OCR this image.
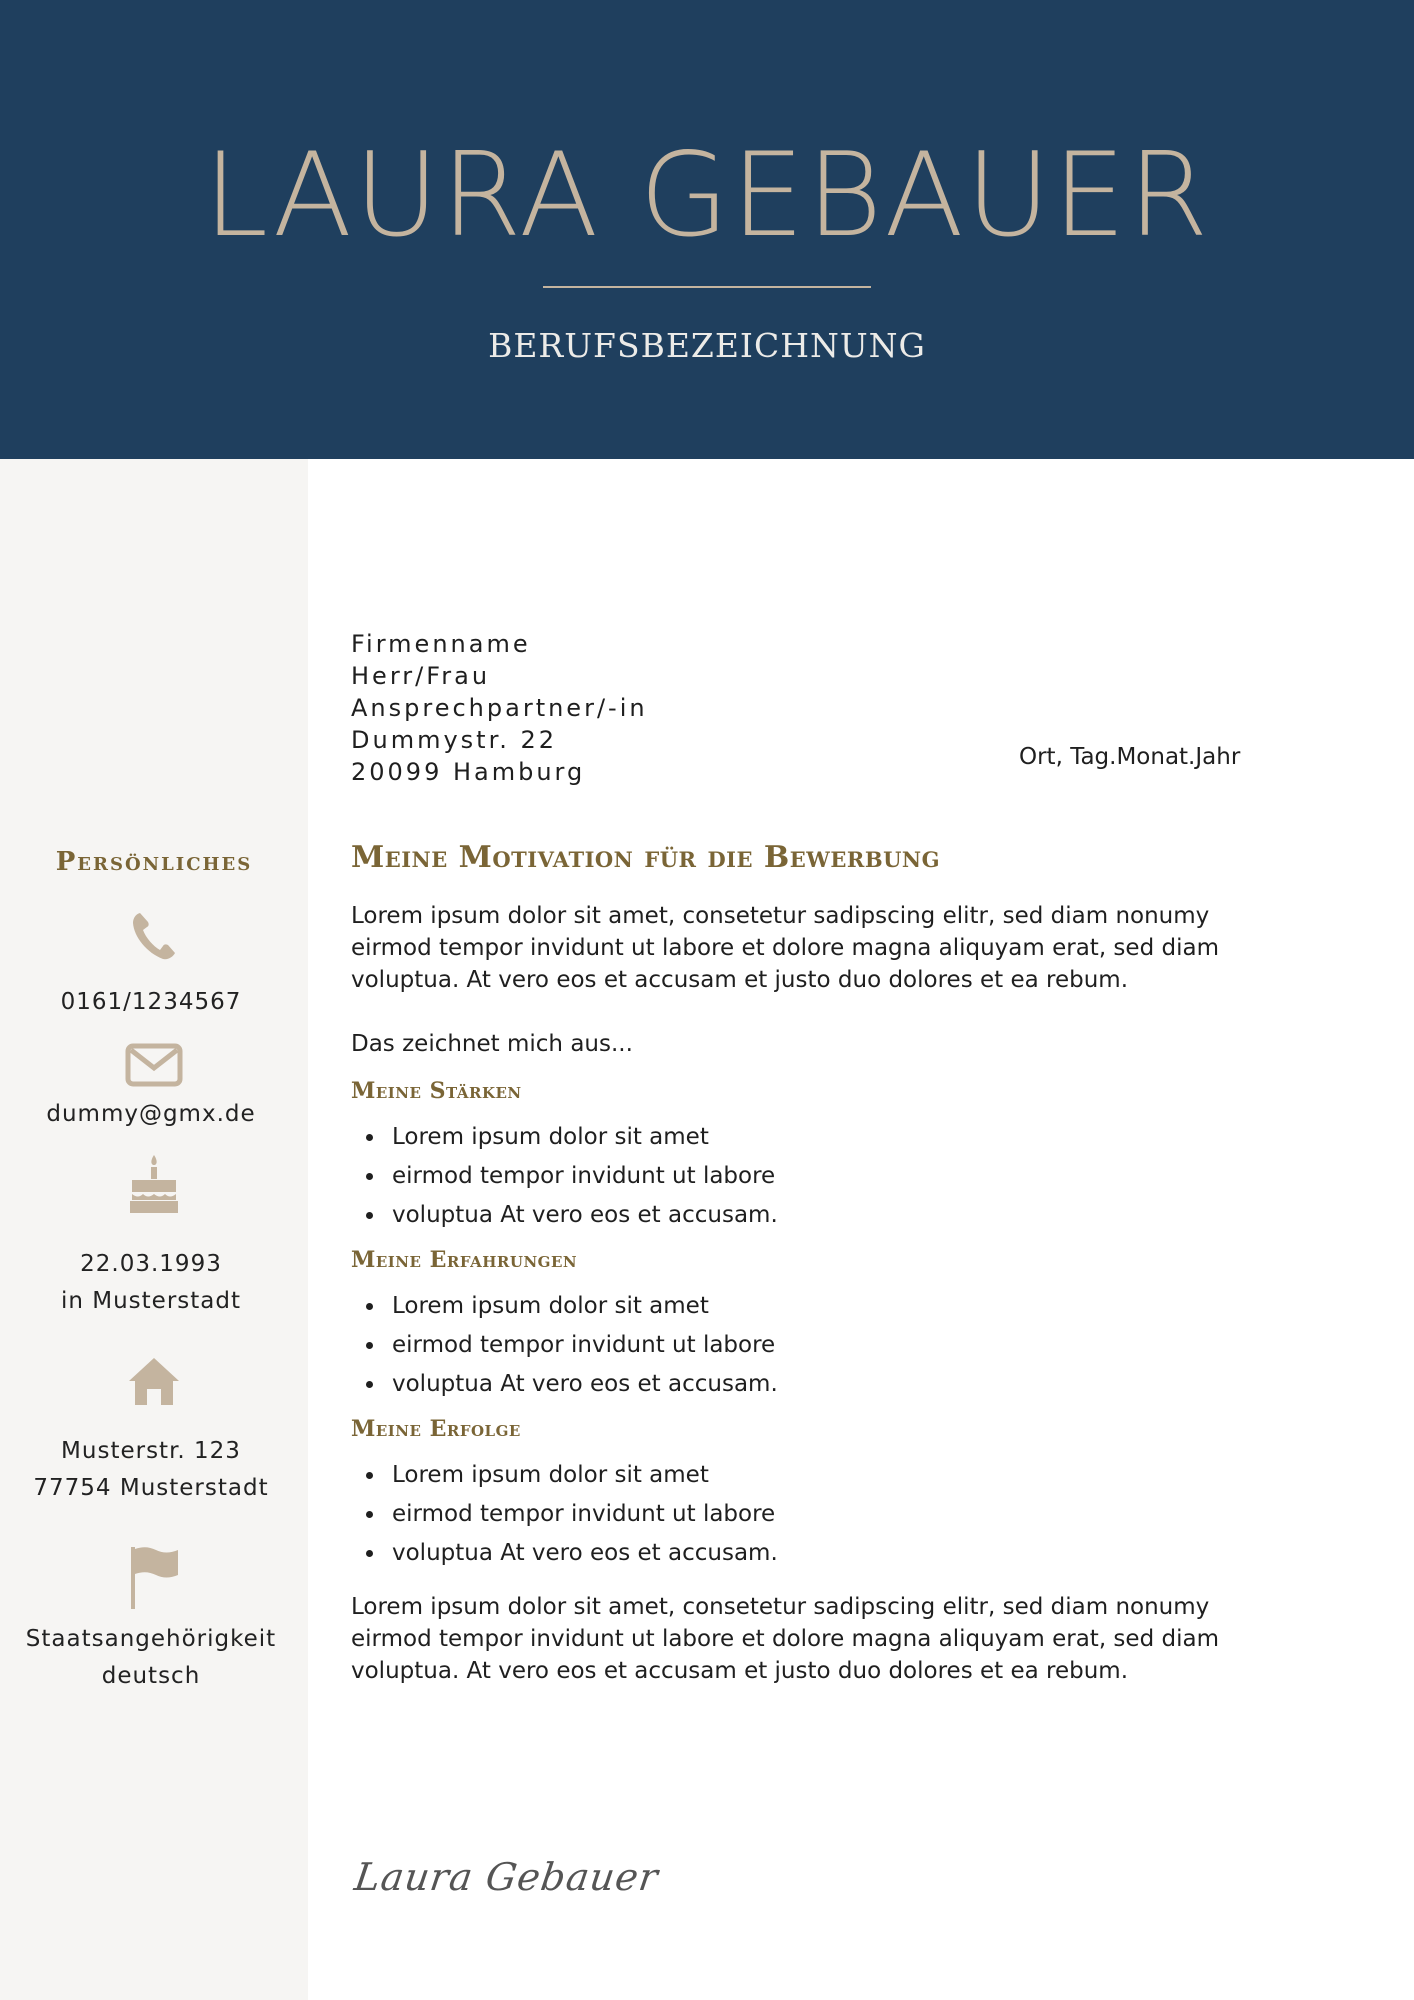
LAURA GEBAUER
BERUFSBEZEICHNUNG
Persönliches
0161/1234567
dummy@gmx.de
22.03.1993
in Musterstadt
Musterstr. 123
77754 Musterstadt
Staatsangehörigkeit
deutsch
Firmenname
Herr/Frau
Ansprechpartner/-in
Dummystr. 22
20099 Hamburg
Ort, Tag.Monat.Jahr
Meine Motivation für die Bewerbung

Lorem ipsum dolor sit amet, consetetur sadipscing elitr, sed diam nonumy eirmod tempor invidunt ut labore et dolore magna aliquyam erat, sed diam voluptua. At vero eos et accusam et justo duo dolores et ea rebum.

Das zeichnet mich aus...

Meine Stärken
Lorem ipsum dolor sit amet
eirmod tempor invidunt ut labore
voluptua At vero eos et accusam.
Meine Erfahrungen
Lorem ipsum dolor sit amet
eirmod tempor invidunt ut labore
voluptua At vero eos et accusam.
Meine Erfolge
Lorem ipsum dolor sit amet
eirmod tempor invidunt ut labore
voluptua At vero eos et accusam.

Lorem ipsum dolor sit amet, consetetur sadipscing elitr, sed diam nonumy eirmod tempor invidunt ut labore et dolore magna aliquyam erat, sed diam voluptua. At vero eos et accusam et justo duo dolores et ea rebum.

Laura Gebauer
